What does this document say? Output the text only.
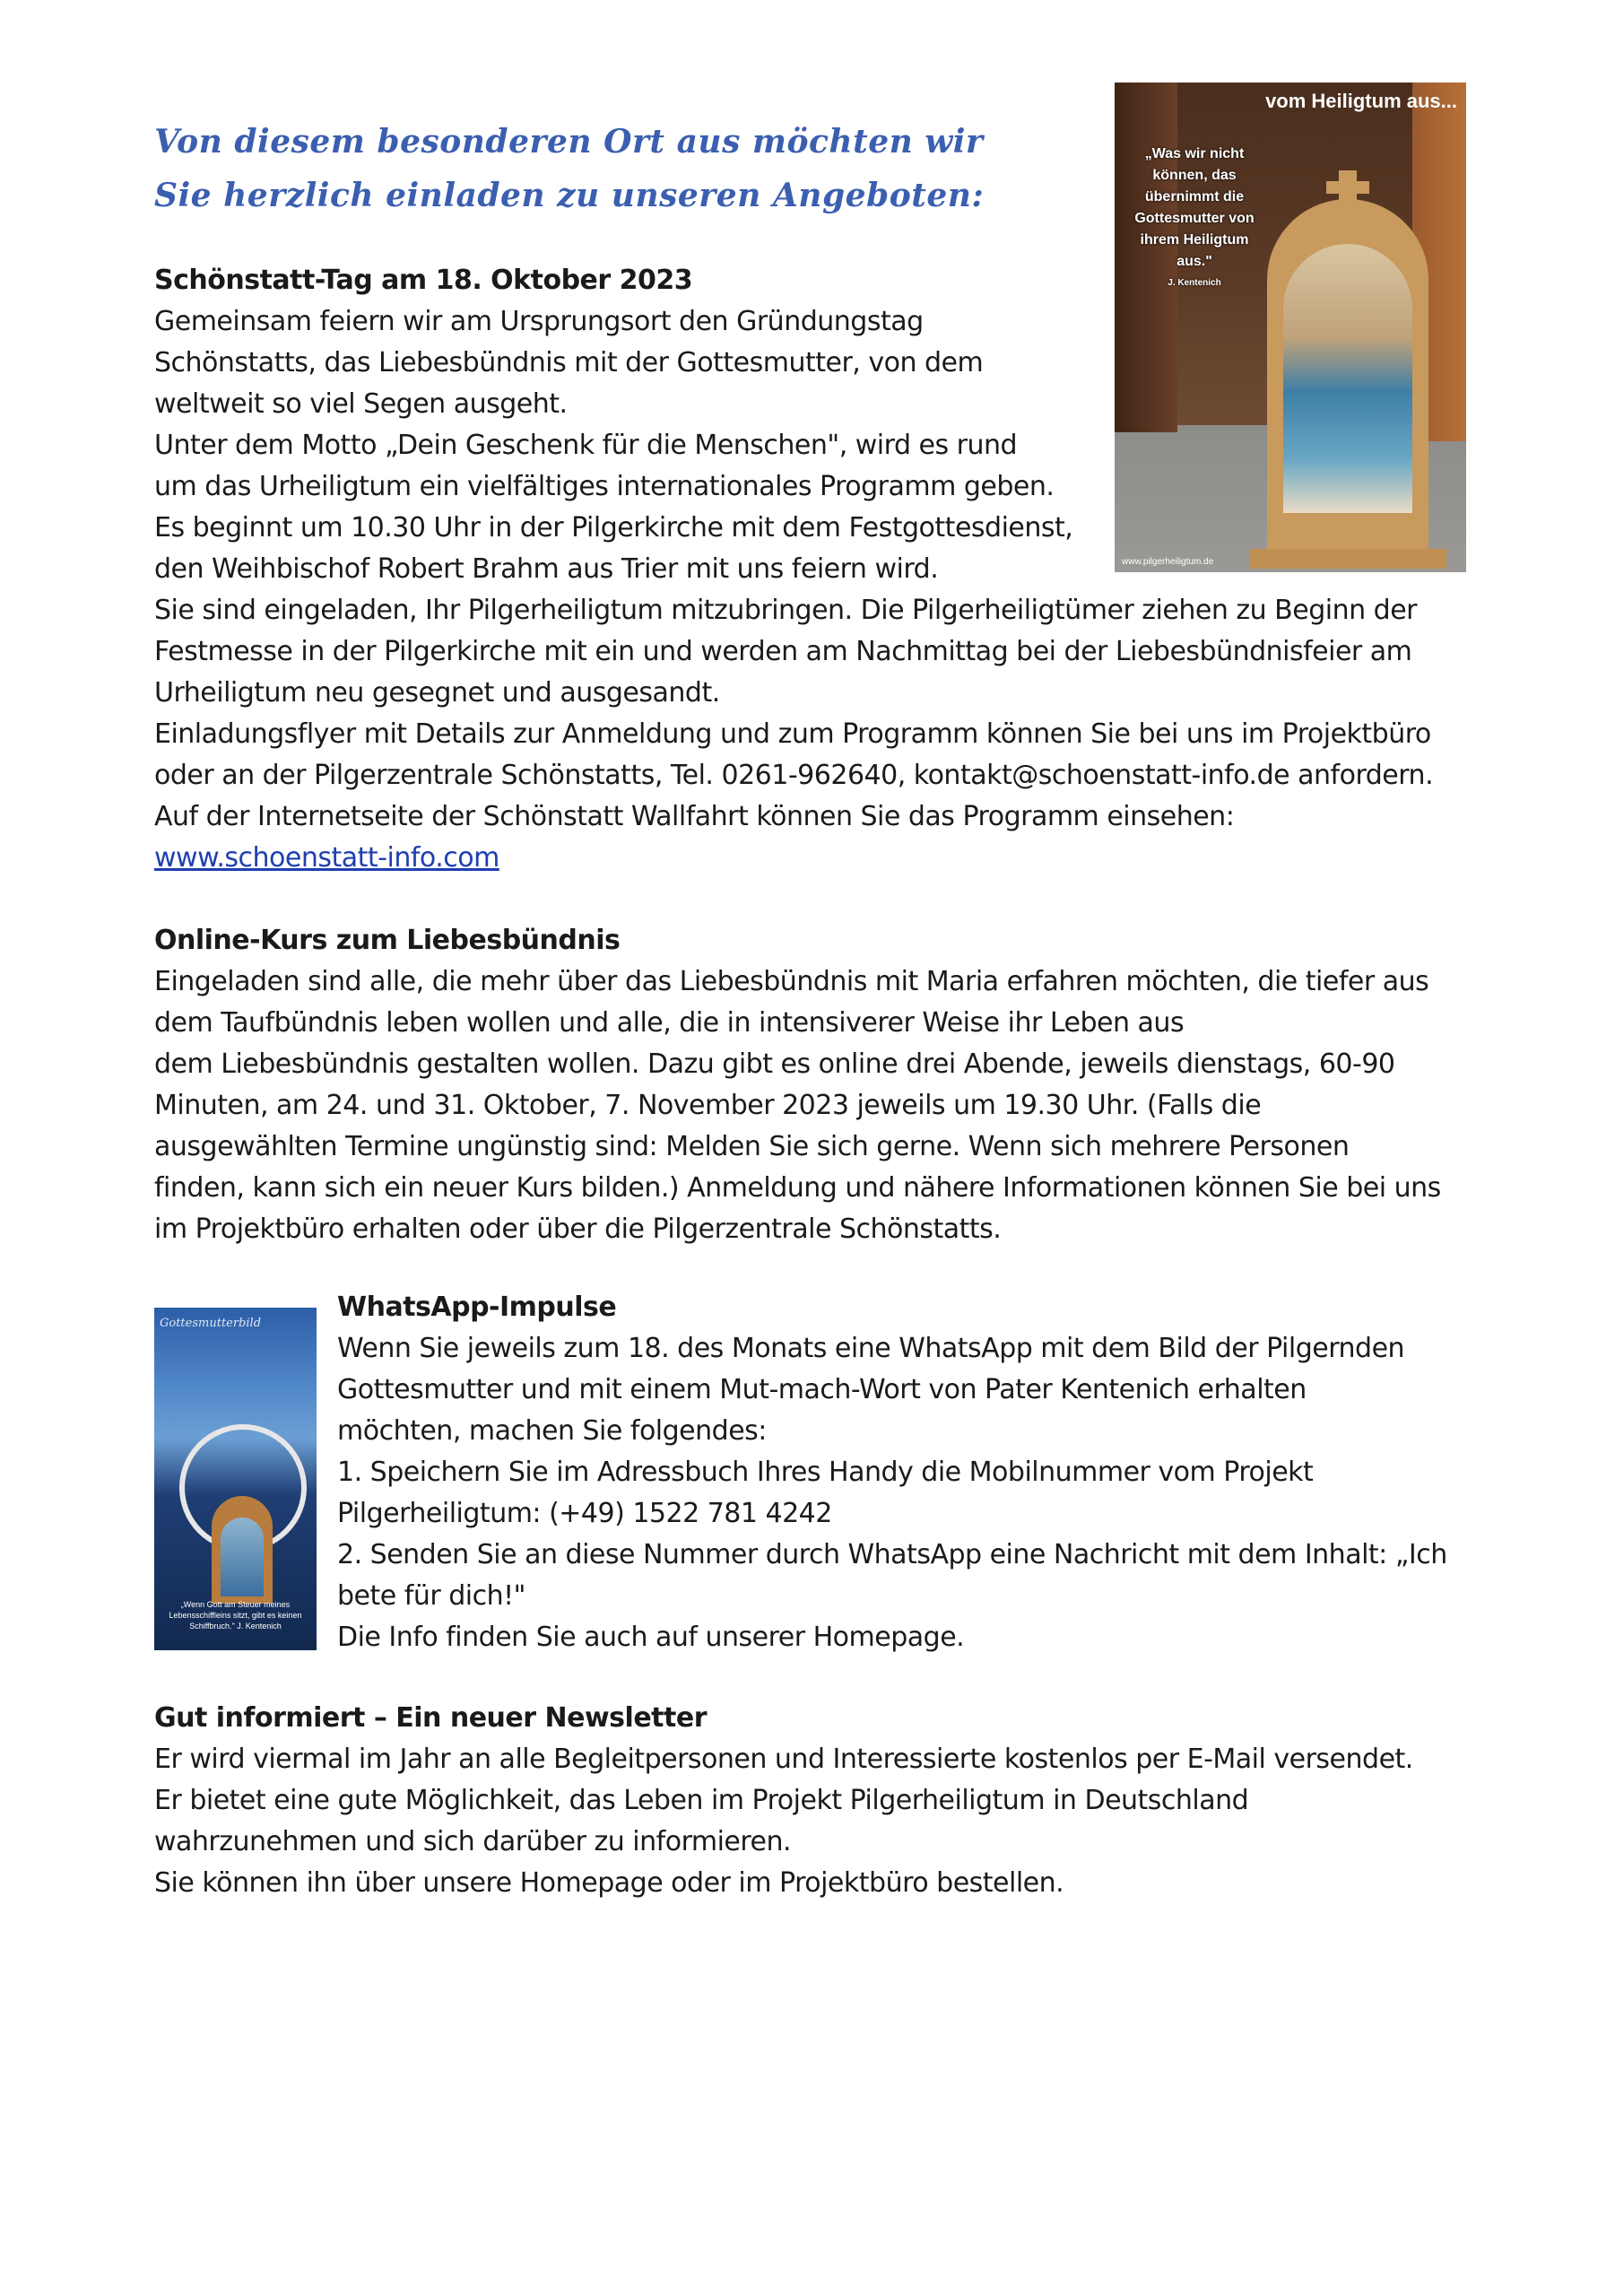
Von diesem besonderen Ort aus möchten wir
Sie herzlich einladen zu unseren Angeboten:
vom Heiligtum aus...
„Was wir nicht können, das übernimmt die Gottesmutter von ihrem Heiligtum aus."
J. Kentenich
www.pilgerheiligtum.de
Schönstatt-Tag am 18. Oktober 2023
Gemeinsam feiern wir am Ursprungsort den Gründungstag
Schönstatts, das Liebesbündnis mit der Gottesmutter, von dem
weltweit so viel Segen ausgeht.
Unter dem Motto „Dein Geschenk für die Menschen", wird es rund
um das Urheiligtum ein vielfältiges internationales Programm geben.
Es beginnt um 10.30 Uhr in der Pilgerkirche mit dem Festgottesdienst,
den Weihbischof Robert Brahm aus Trier mit uns feiern wird.
Sie sind eingeladen, Ihr Pilgerheiligtum mitzubringen. Die Pilgerheiligtümer ziehen zu Beginn der
Festmesse in der Pilgerkirche mit ein und werden am Nachmittag bei der Liebesbündnisfeier am
Urheiligtum neu gesegnet und ausgesandt.
Einladungsflyer mit Details zur Anmeldung und zum Programm können Sie bei uns im Projektbüro
oder an der Pilgerzentrale Schönstatts, Tel. 0261-962640, kontakt@schoenstatt-info.de anfordern.
Auf der Internetseite der Schönstatt Wallfahrt können Sie das Programm einsehen:
www.schoenstatt-info.com
Online-Kurs zum Liebesbündnis
Eingeladen sind alle, die mehr über das Liebesbündnis mit Maria erfahren möchten, die tiefer aus
dem Taufbündnis leben wollen und alle, die in intensiverer Weise ihr Leben aus
dem Liebesbündnis gestalten wollen. Dazu gibt es online drei Abende, jeweils dienstags, 60-90
Minuten, am 24. und 31. Oktober, 7. November 2023 jeweils um 19.30 Uhr. (Falls die
ausgewählten Termine ungünstig sind: Melden Sie sich gerne. Wenn sich mehrere Personen
finden, kann sich ein neuer Kurs bilden.) Anmeldung und nähere Informationen können Sie bei uns
im Projektbüro erhalten oder über die Pilgerzentrale Schönstatts.
Gottesmutterbild
„Wenn Gott am Steuer meines Lebensschiffleins sitzt, gibt es keinen Schiffbruch." J. Kentenich
WhatsApp-Impulse
Wenn Sie jeweils zum 18. des Monats eine WhatsApp mit dem Bild der Pilgernden
Gottesmutter und mit einem Mut-mach-Wort von Pater Kentenich erhalten
möchten, machen Sie folgendes:
1. Speichern Sie im Adressbuch Ihres Handy die Mobilnummer vom Projekt
Pilgerheiligtum: (+49) 1522 781 4242
2. Senden Sie an diese Nummer durch WhatsApp eine Nachricht mit dem Inhalt: „Ich
bete für dich!"
Die Info finden Sie auch auf unserer Homepage.
Gut informiert – Ein neuer Newsletter
Er wird viermal im Jahr an alle Begleitpersonen und Interessierte kostenlos per E-Mail versendet.
Er bietet eine gute Möglichkeit, das Leben im Projekt Pilgerheiligtum in Deutschland
wahrzunehmen und sich darüber zu informieren.
Sie können ihn über unsere Homepage oder im Projektbüro bestellen.
